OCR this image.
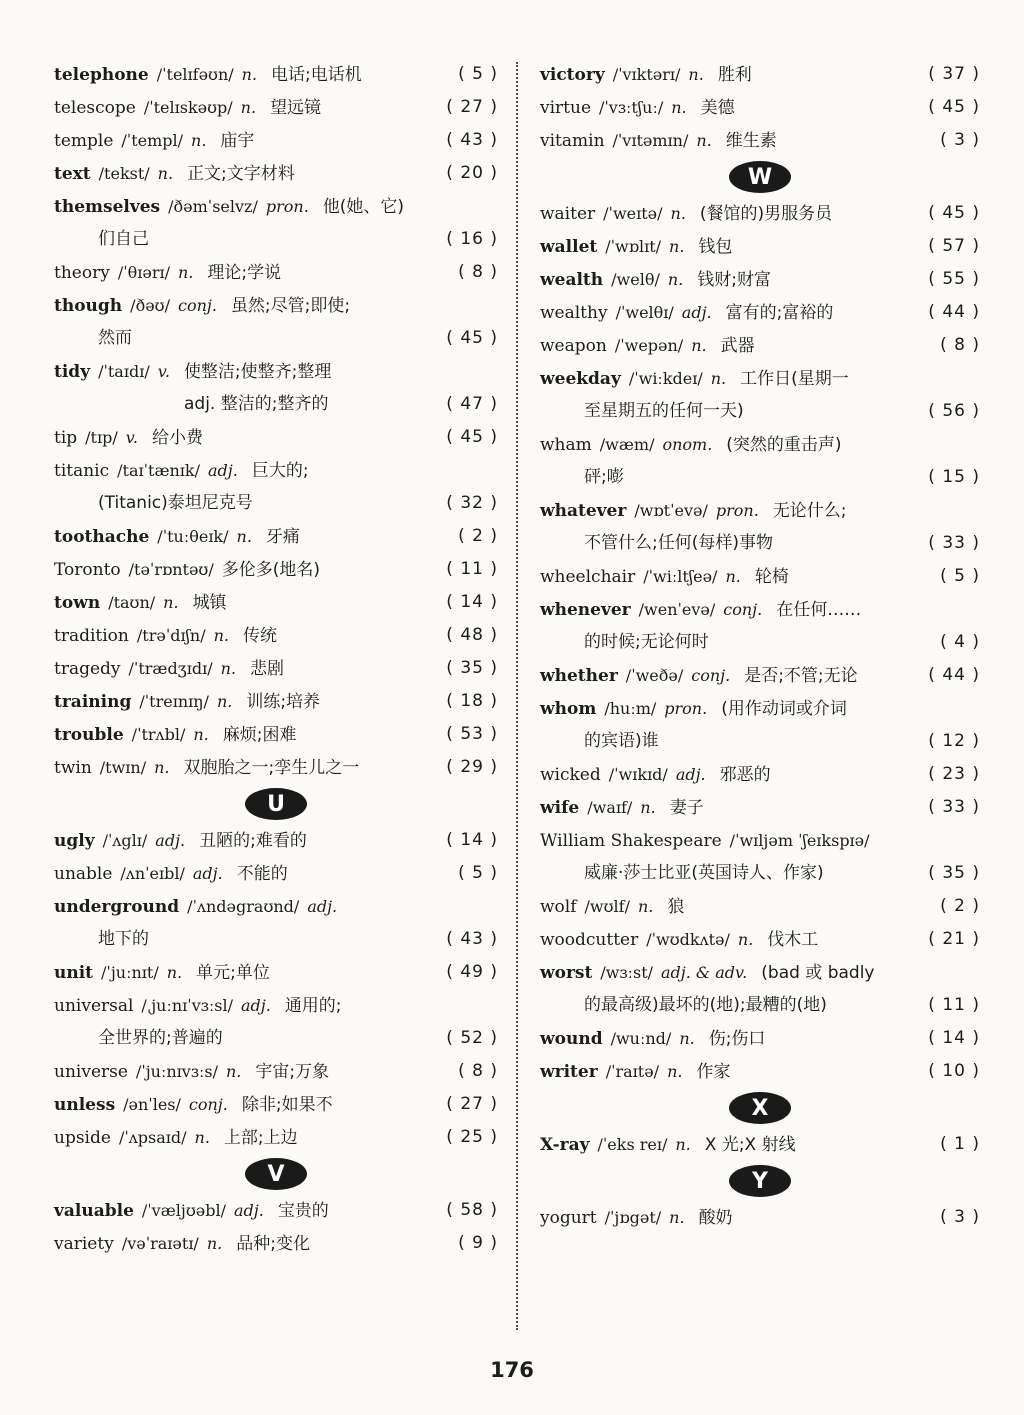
telephone /ˈtelɪfəʊn/ n. 电话;电话机	( 5 )
telescope /ˈtelɪskəʊp/ n. 望远镜	( 27 )
temple /ˈtempl/ n. 庙宇	( 43 )
text /tekst/ n. 正文;文字材料	( 20 )
themselves /ðəmˈselvz/ pron. 他(她、它)
们自己	( 16 )
theory /ˈθɪərɪ/ n. 理论;学说	( 8 )
though /ðəʊ/ conj. 虽然;尽管;即使;
然而	( 45 )
tidy /ˈtaɪdɪ/ v. 使整洁;使整齐;整理
adj. 整洁的;整齐的	( 47 )
tip /tɪp/ v. 给小费	( 45 )
titanic /taɪˈtænɪk/ adj. 巨大的;
(Titanic)泰坦尼克号	( 32 )
toothache /ˈtuːθeɪk/ n. 牙痛	( 2 )
Toronto /təˈrɒntəʊ/ 多伦多(地名)	( 11 )
town /taʊn/ n. 城镇	( 14 )
tradition /trəˈdɪʃn/ n. 传统	( 48 )
tragedy /ˈtrædʒɪdɪ/ n. 悲剧	( 35 )
training /ˈtreɪnɪŋ/ n. 训练;培养	( 18 )
trouble /ˈtrʌbl/ n. 麻烦;困难	( 53 )
twin /twɪn/ n. 双胞胎之一;孪生儿之一	( 29 )
U
ugly /ˈʌglɪ/ adj. 丑陋的;难看的	( 14 )
unable /ʌnˈeɪbl/ adj. 不能的	( 5 )
underground /ˈʌndəgraʊnd/ adj.
地下的	( 43 )
unit /ˈjuːnɪt/ n. 单元;单位	( 49 )
universal /ˌjuːnɪˈvɜːsl/ adj. 通用的;
全世界的;普遍的	( 52 )
universe /ˈjuːnɪvɜːs/ n. 宇宙;万象	( 8 )
unless /ənˈles/ conj. 除非;如果不	( 27 )
upside /ˈʌpsaɪd/ n. 上部;上边	( 25 )
V
valuable /ˈvæljʊəbl/ adj. 宝贵的	( 58 )
variety /vəˈraɪətɪ/ n. 品种;变化	( 9 )
victory /ˈvɪktərɪ/ n. 胜利	( 37 )
virtue /ˈvɜːtʃuː/ n. 美德	( 45 )
vitamin /ˈvɪtəmɪn/ n. 维生素	( 3 )
W
waiter /ˈweɪtə/ n. (餐馆的)男服务员	( 45 )
wallet /ˈwɒlɪt/ n. 钱包	( 57 )
wealth /welθ/ n. 钱财;财富	( 55 )
wealthy /ˈwelθɪ/ adj. 富有的;富裕的	( 44 )
weapon /ˈwepən/ n. 武器	( 8 )
weekday /ˈwiːkdeɪ/ n. 工作日(星期一
至星期五的任何一天)	( 56 )
wham /wæm/ onom. (突然的重击声)
砰;嘭	( 15 )
whatever /wɒtˈevə/ pron. 无论什么;
不管什么;任何(每样)事物	( 33 )
wheelchair /ˈwiːltʃeə/ n. 轮椅	( 5 )
whenever /wenˈevə/ conj. 在任何……
的时候;无论何时	( 4 )
whether /ˈweðə/ conj. 是否;不管;无论	( 44 )
whom /huːm/ pron. (用作动词或介词
的宾语)谁	( 12 )
wicked /ˈwɪkɪd/ adj. 邪恶的	( 23 )
wife /waɪf/ n. 妻子	( 33 )
William Shakespeare /ˈwɪljəm ˈʃeɪkspɪə/
威廉·莎士比亚(英国诗人、作家)	( 35 )
wolf /wʊlf/ n. 狼	( 2 )
woodcutter /ˈwʊdkʌtə/ n. 伐木工	( 21 )
worst /wɜːst/ adj. & adv. (bad 或 badly
的最高级)最坏的(地);最糟的(地)	( 11 )
wound /wuːnd/ n. 伤;伤口	( 14 )
writer /ˈraɪtə/ n. 作家	( 10 )
X
X-ray /ˈeks reɪ/ n. X 光;X 射线	( 1 )
Y
yogurt /ˈjɒgət/ n. 酸奶	( 3 )
176
